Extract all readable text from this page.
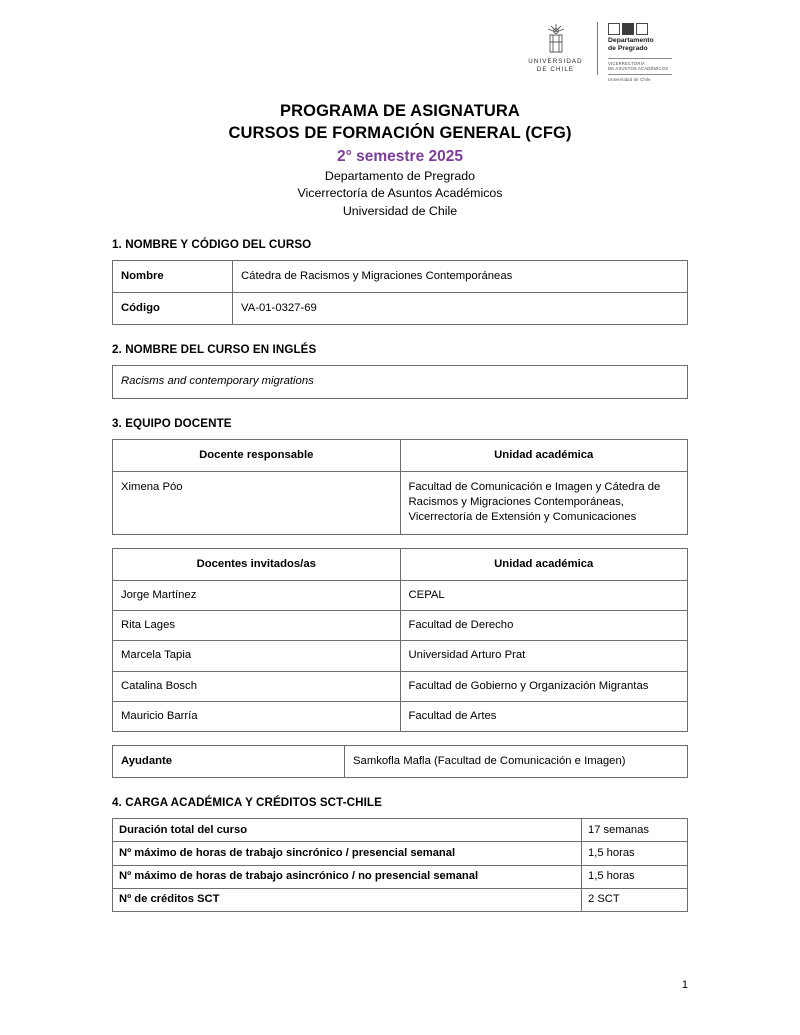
UNIVERSIDAD
DE CHILE
Departamento
de Pregrado
VICERRECTORÍA
DE ASUNTOS ACADÉMICOS
Universidad de Chile
PROGRAMA DE ASIGNATURA
CURSOS DE FORMACIÓN GENERAL (CFG)
2° semestre 2025
Departamento de Pregrado
Vicerrectoría de Asuntos Académicos
Universidad de Chile
1. NOMBRE Y CÓDIGO DEL CURSO
Nombre	Cátedra de Racismos y Migraciones Contemporáneas
Código	VA-01-0327-69
2. NOMBRE DEL CURSO EN INGLÉS
Racisms and contemporary migrations
3. EQUIPO DOCENTE
Docente responsable	Unidad académica
Ximena Póo	Facultad de Comunicación e Imagen y Cátedra de Racismos y Migraciones Contemporáneas, Vicerrectoría de Extensión y Comunicaciones
Docentes invitados/as	Unidad académica
Jorge Martínez	CEPAL
Rita Lages	Facultad de Derecho
Marcela Tapia	Universidad Arturo Prat
Catalina Bosch	Facultad de Gobierno y Organización Migrantas
Mauricio Barría	Facultad de Artes
Ayudante	Samkofla Mafla (Facultad de Comunicación e Imagen)
4. CARGA ACADÉMICA Y CRÉDITOS SCT-CHILE
Duración total del curso	17 semanas
Nº máximo de horas de trabajo sincrónico / presencial semanal	1,5 horas
Nº máximo de horas de trabajo asincrónico / no presencial semanal	1,5 horas
Nº de créditos SCT	2 SCT
1
